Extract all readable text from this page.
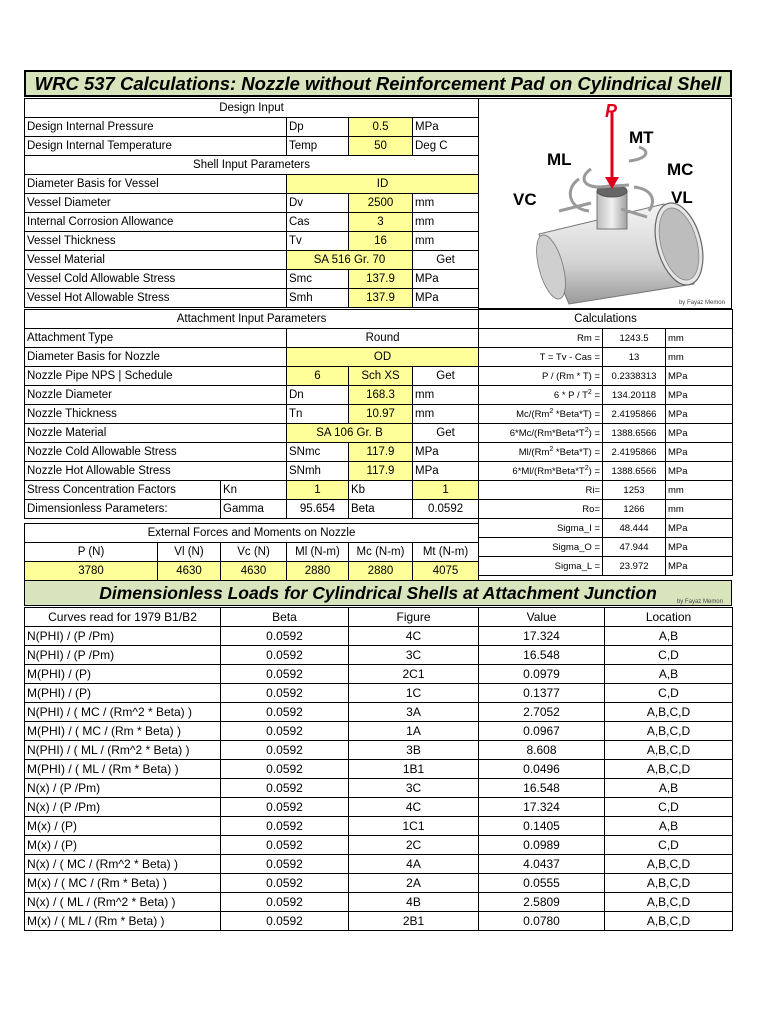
WRC 537 Calculations: Nozzle without Reinforcement Pad on Cylindrical Shell
Design Input			
Design Internal Pressure	Dp	0.5	MPa
Design Internal Temperature	Temp	50	Deg C
Shell Input Parameters			
Diameter Basis for Vessel	ID		
Vessel Diameter	Dv	2500	mm
Internal Corrosion Allowance	Cas	3	mm
Vessel Thickness	Tv	16	mm
Vessel Material	SA 516 Gr. 70		Get
Vessel Cold Allowable Stress	Smc	137.9	MPa
Vessel Hot Allowable Stress	Smh	137.9	MPa
P
MT
ML
MC
VC	VL
by Fayaz Memon
Attachment Input Parameters				
Attachment Type		Round		
Diameter Basis for Nozzle		OD		
Nozzle Pipe NPS | Schedule		6	Sch XS	Get
Nozzle Diameter		Dn	168.3	mm
Nozzle Thickness		Tn	10.97	mm
Nozzle Material		SA 106 Gr. B		Get
Nozzle Cold Allowable Stress		SNmc	117.9	MPa
Nozzle Hot Allowable Stress		SNmh	117.9	MPa
Stress Concentration Factors	Kn	1	Kb	1
Dimensionless Parameters:	Gamma	95.654	Beta	0.0592
External Forces and Moments on Nozzle					
P (N)	Vl (N)	Vc (N)	Ml (N-m)	Mc (N-m)	Mt (N-m)
3780	4630	4630	2880	2880	4075
Calculations		
Rm =	1243.5	mm
T = Tv - Cas =	13	mm
P / (Rm * T) =	0.2338313	MPa
6 * P / $T^2$ =	134.20118	MPa
Mc/(Rm$^2$ *Beta*T) =	2.4195866	MPa
$6*Mc/(Rm*Beta*T^2)$ =	1388.6566	MPa
Ml/(Rm$^2$ *Beta*T) =	2.4195866	MPa
$6*Ml/(Rm*Beta*T^2)$ =	1388.6566	MPa
Ri=	1253	mm
Ro=	1266	mm
Sigma_I =	48.444	MPa
Sigma_O =	47.944	MPa
Sigma_L =	23.972	MPa
Dimensionless Loads for Cylindrical Shells at Attachment Junction	by Fayaz Memon
Curves read for 1979 B1/B2	Beta	Figure	Value	Location
N(PHI) / (P /Pm)	0.0592	4C	17.324	A,B
N(PHI) / (P /Pm)	0.0592	3C	16.548	C,D
M(PHI) / (P)	0.0592	2C1	0.0979	A,B
M(PHI) / (P)	0.0592	1C	0.1377	C,D
N(PHI) / ( MC / (Rm^2 * Beta) )	0.0592	3A	2.7052	A,B,C,D
M(PHI) / ( MC / (Rm * Beta) )	0.0592	1A	0.0967	A,B,C,D
N(PHI) / ( ML / (Rm^2 * Beta) )	0.0592	3B	8.608	A,B,C,D
M(PHI) / ( ML / (Rm * Beta) )	0.0592	1B1	0.0496	A,B,C,D
N(x) / (P /Pm)	0.0592	3C	16.548	A,B
N(x) / (P /Pm)	0.0592	4C	17.324	C,D
M(x) / (P)	0.0592	1C1	0.1405	A,B
M(x) / (P)	0.0592	2C	0.0989	C,D
N(x) / ( MC / (Rm^2 * Beta) )	0.0592	4A	4.0437	A,B,C,D
M(x) / ( MC / (Rm * Beta) )	0.0592	2A	0.0555	A,B,C,D
N(x) / ( ML / (Rm^2 * Beta) )	0.0592	4B	2.5809	A,B,C,D
M(x) / ( ML / (Rm * Beta) )	0.0592	2B1	0.0780	A,B,C,D
